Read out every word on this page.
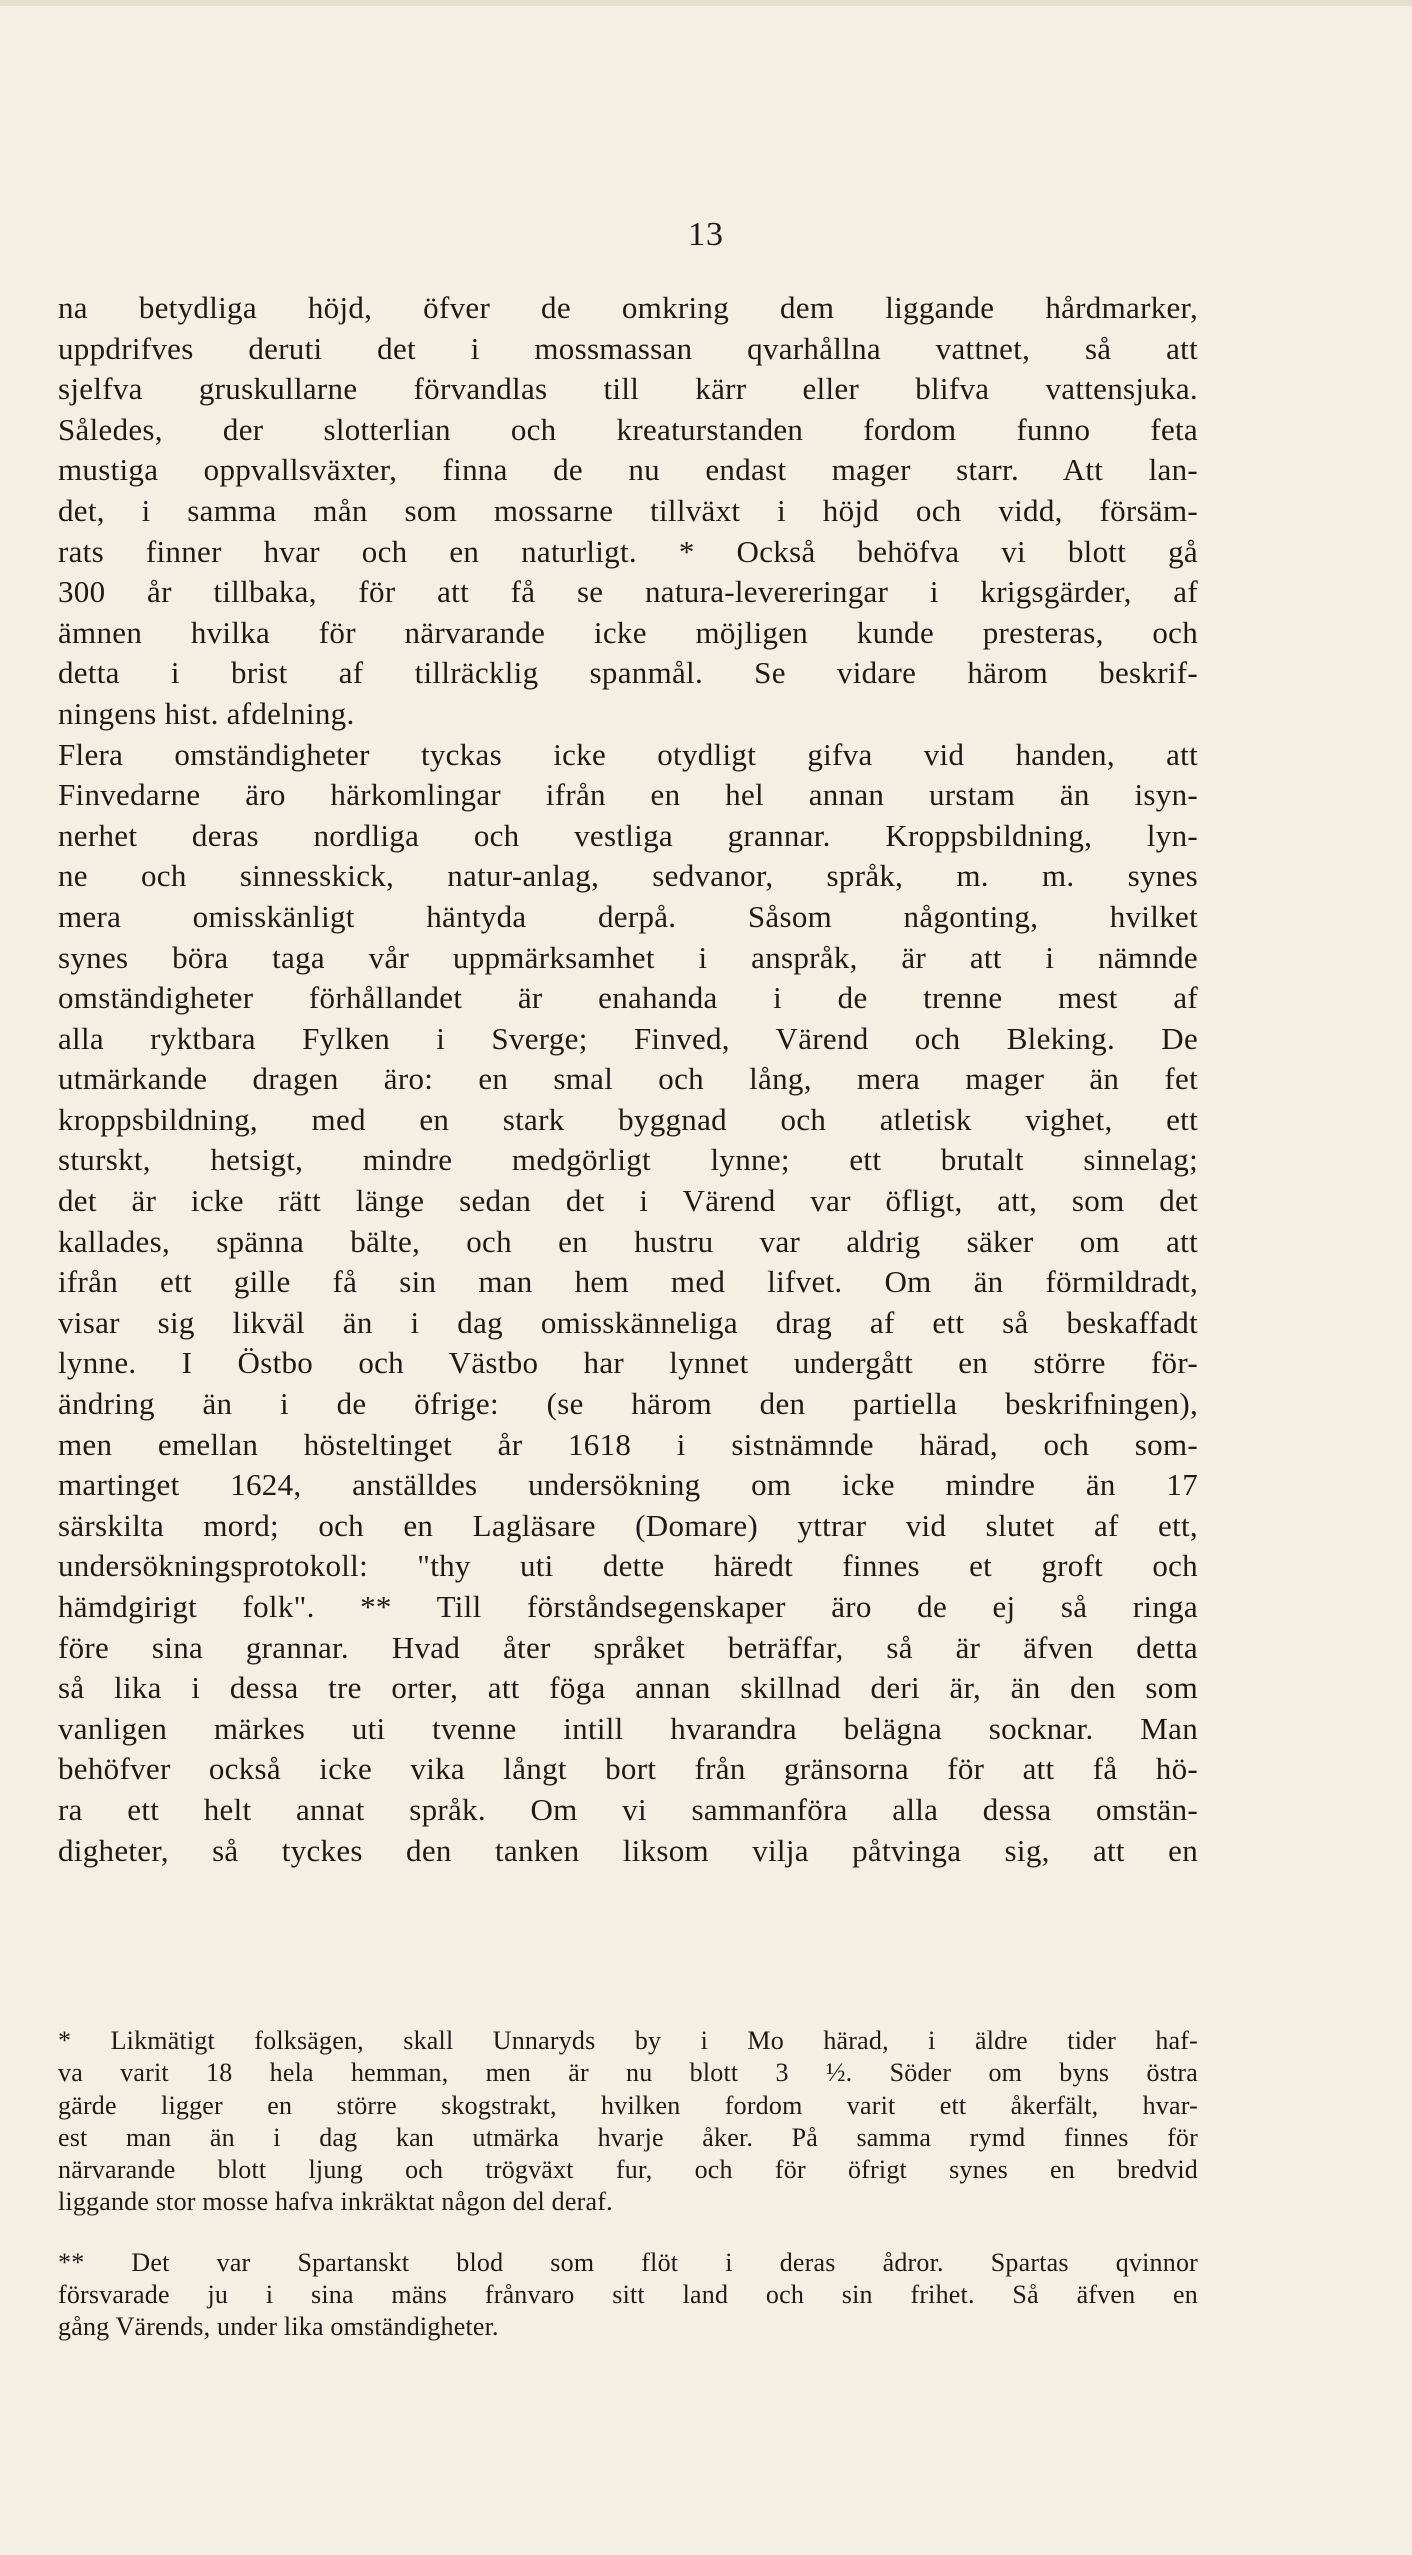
13
na betydliga höjd, öfver de omkring dem liggande hårdmarker,
uppdrifves deruti det i mossmassan qvarhållna vattnet, så att
sjelfva gruskullarne förvandlas till kärr eller blifva vattensjuka.
Således, der slotterlian och kreaturstanden fordom funno feta
mustiga oppvallsväxter, finna de nu endast mager starr. Att lan-
det, i samma mån som mossarne tillväxt i höjd och vidd, försäm-
rats finner hvar och en naturligt. * Också behöfva vi blott gå
300 år tillbaka, för att få se natura-levereringar i krigsgärder, af
ämnen hvilka för närvarande icke möjligen kunde presteras, och
detta i brist af tillräcklig spanmål. Se vidare härom beskrif-
ningens hist. afdelning.
Flera omständigheter tyckas icke otydligt gifva vid handen, att
Finvedarne äro härkomlingar ifrån en hel annan urstam än isyn-
nerhet deras nordliga och vestliga grannar. Kroppsbildning, lyn-
ne och sinnesskick, natur-anlag, sedvanor, språk, m. m. synes
mera omisskänligt häntyda derpå. Såsom någonting, hvilket
synes böra taga vår uppmärksamhet i anspråk, är att i nämnde
omständigheter förhållandet är enahanda i de trenne mest af
alla ryktbara Fylken i Sverge; Finved, Värend och Bleking. De
utmärkande dragen äro: en smal och lång, mera mager än fet
kroppsbildning, med en stark byggnad och atletisk vighet, ett
sturskt, hetsigt, mindre medgörligt lynne; ett brutalt sinnelag;
det är icke rätt länge sedan det i Värend var öfligt, att, som det
kallades, spänna bälte, och en hustru var aldrig säker om att
ifrån ett gille få sin man hem med lifvet. Om än förmildradt,
visar sig likväl än i dag omisskänneliga drag af ett så beskaffadt
lynne. I Östbo och Västbo har lynnet undergått en större för-
ändring än i de öfrige: (se härom den partiella beskrifningen),
men emellan hösteltinget år 1618 i sistnämnde härad, och som-
martinget 1624, anställdes undersökning om icke mindre än 17
särskilta mord; och en Lagläsare (Domare) yttrar vid slutet af ett,
undersökningsprotokoll: "thy uti dette häredt finnes et groft och
hämdgirigt folk". ** Till förståndsegenskaper äro de ej så ringa
före sina grannar. Hvad åter språket beträffar, så är äfven detta
så lika i dessa tre orter, att föga annan skillnad deri är, än den som
vanligen märkes uti tvenne intill hvarandra belägna socknar. Man
behöfver också icke vika långt bort från gränsorna för att få hö-
ra ett helt annat språk. Om vi sammanföra alla dessa omstän-
digheter, så tyckes den tanken liksom vilja påtvinga sig, att en
* Likmätigt folksägen, skall Unnaryds by i Mo härad, i äldre tider haf-
va varit 18 hela hemman, men är nu blott 3 ½. Söder om byns östra
gärde ligger en större skogstrakt, hvilken fordom varit ett åkerfält, hvar-
est man än i dag kan utmärka hvarje åker. På samma rymd finnes för
närvarande blott ljung och trögväxt fur, och för öfrigt synes en bredvid
liggande stor mosse hafva inkräktat någon del deraf.
** Det var Spartanskt blod som flöt i deras ådror. Spartas qvinnor
försvarade ju i sina mäns frånvaro sitt land och sin frihet. Så äfven en
gång Värends, under lika omständigheter.
